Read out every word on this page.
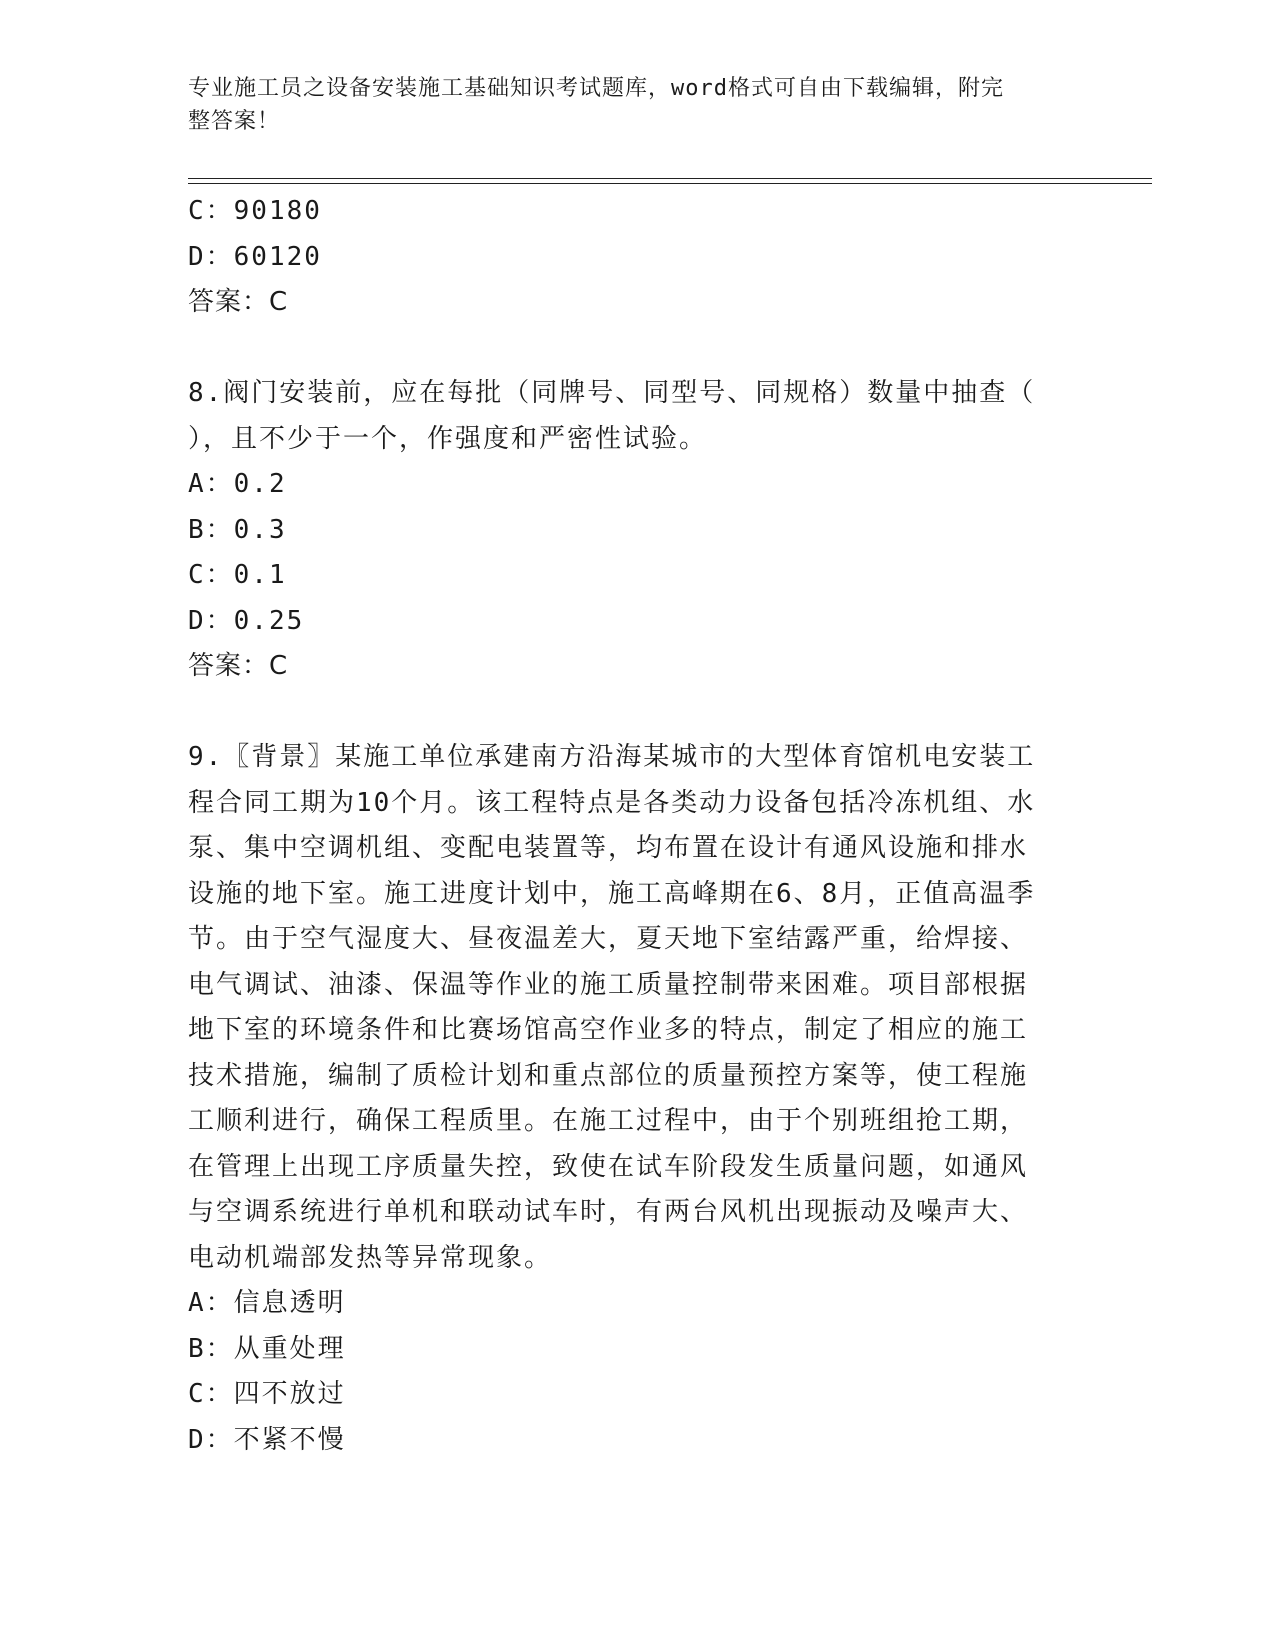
专业施工员之设备安装施工基础知识考试题库，word格式可自由下载编辑，附完
整答案！
C：90180
D：60120
答案：C
8.阀门安装前，应在每批（同牌号、同型号、同规格）数量中抽查（
），且不少于一个，作强度和严密性试验。
A：0.2
B：0.3
C：0.1
D：0.25
答案：C
9.〖背景〗某施工单位承建南方沿海某城市的大型体育馆机电安装工
程合同工期为10个月。该工程特点是各类动力设备包括冷冻机组、水
泵、集中空调机组、变配电装置等，均布置在设计有通风设施和排水
设施的地下室。施工进度计划中，施工高峰期在6、8月，正值高温季
节。由于空气湿度大、昼夜温差大，夏天地下室结露严重，给焊接、
电气调试、油漆、保温等作业的施工质量控制带来困难。项目部根据
地下室的环境条件和比赛场馆高空作业多的特点，制定了相应的施工
技术措施，编制了质检计划和重点部位的质量预控方案等，使工程施
工顺利进行，确保工程质里。在施工过程中，由于个别班组抢工期，
在管理上出现工序质量失控，致使在试车阶段发生质量问题，如通风
与空调系统进行单机和联动试车时，有两台风机出现振动及噪声大、
电动机端部发热等异常现象。
A：信息透明
B：从重处理
C：四不放过
D：不紧不慢
